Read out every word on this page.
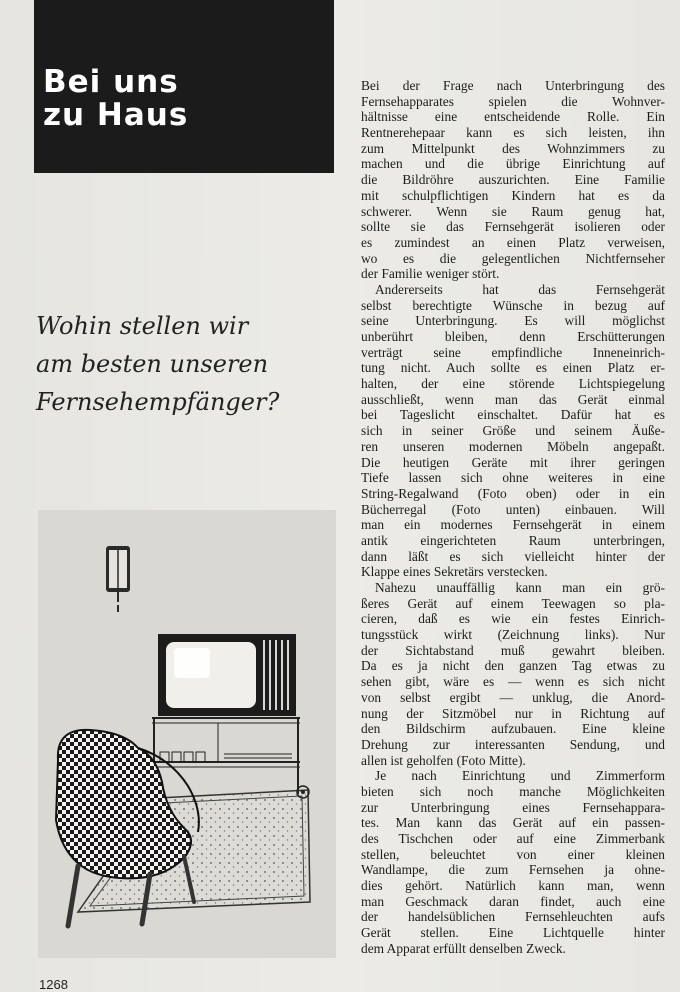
Bei uns
zu Haus
Wohin stellen wir
am besten unseren
Fernsehempfänger?
Bei der Frage nach Unterbringung des
Fernsehapparates spielen die Wohnver-
hältnisse eine entscheidende Rolle. Ein
Rentnerehepaar kann es sich leisten, ihn
zum Mittelpunkt des Wohnzimmers zu
machen und die übrige Einrichtung auf
die Bildröhre auszurichten. Eine Familie
mit schulpflichtigen Kindern hat es da
schwerer. Wenn sie Raum genug hat,
sollte sie das Fernsehgerät isolieren oder
es zumindest an einen Platz verweisen,
wo es die gelegentlichen Nichtfernseher
der Familie weniger stört.
Andererseits hat das Fernsehgerät
selbst berechtigte Wünsche in bezug auf
seine Unterbringung. Es will möglichst
unberührt bleiben, denn Erschütterungen
verträgt seine empfindliche Inneneinrich-
tung nicht. Auch sollte es einen Platz er-
halten, der eine störende Lichtspiegelung
ausschließt, wenn man das Gerät einmal
bei Tageslicht einschaltet. Dafür hat es
sich in seiner Größe und seinem Äuße-
ren unseren modernen Möbeln angepaßt.
Die heutigen Geräte mit ihrer geringen
Tiefe lassen sich ohne weiteres in eine
String-Regalwand (Foto oben) oder in ein
Bücherregal (Foto unten) einbauen. Will
man ein modernes Fernsehgerät in einem
antik eingerichteten Raum unterbringen,
dann läßt es sich vielleicht hinter der
Klappe eines Sekretärs verstecken.
Nahezu unauffällig kann man ein grö-
ßeres Gerät auf einem Teewagen so pla-
cieren, daß es wie ein festes Einrich-
tungsstück wirkt (Zeichnung links). Nur
der Sichtabstand muß gewahrt bleiben.
Da es ja nicht den ganzen Tag etwas zu
sehen gibt, wäre es — wenn es sich nicht
von selbst ergibt — unklug, die Anord-
nung der Sitzmöbel nur in Richtung auf
den Bildschirm aufzubauen. Eine kleine
Drehung zur interessanten Sendung, und
allen ist geholfen (Foto Mitte).
Je nach Einrichtung und Zimmerform
bieten sich noch manche Möglichkeiten
zur Unterbringung eines Fernsehappara-
tes. Man kann das Gerät auf ein passen-
des Tischchen oder auf eine Zimmerbank
stellen, beleuchtet von einer kleinen
Wandlampe, die zum Fernsehen ja ohne-
dies gehört. Natürlich kann man, wenn
man Geschmack daran findet, auch eine
der handelsüblichen Fernsehleuchten aufs
Gerät stellen. Eine Lichtquelle hinter
dem Apparat erfüllt denselben Zweck.
1268
